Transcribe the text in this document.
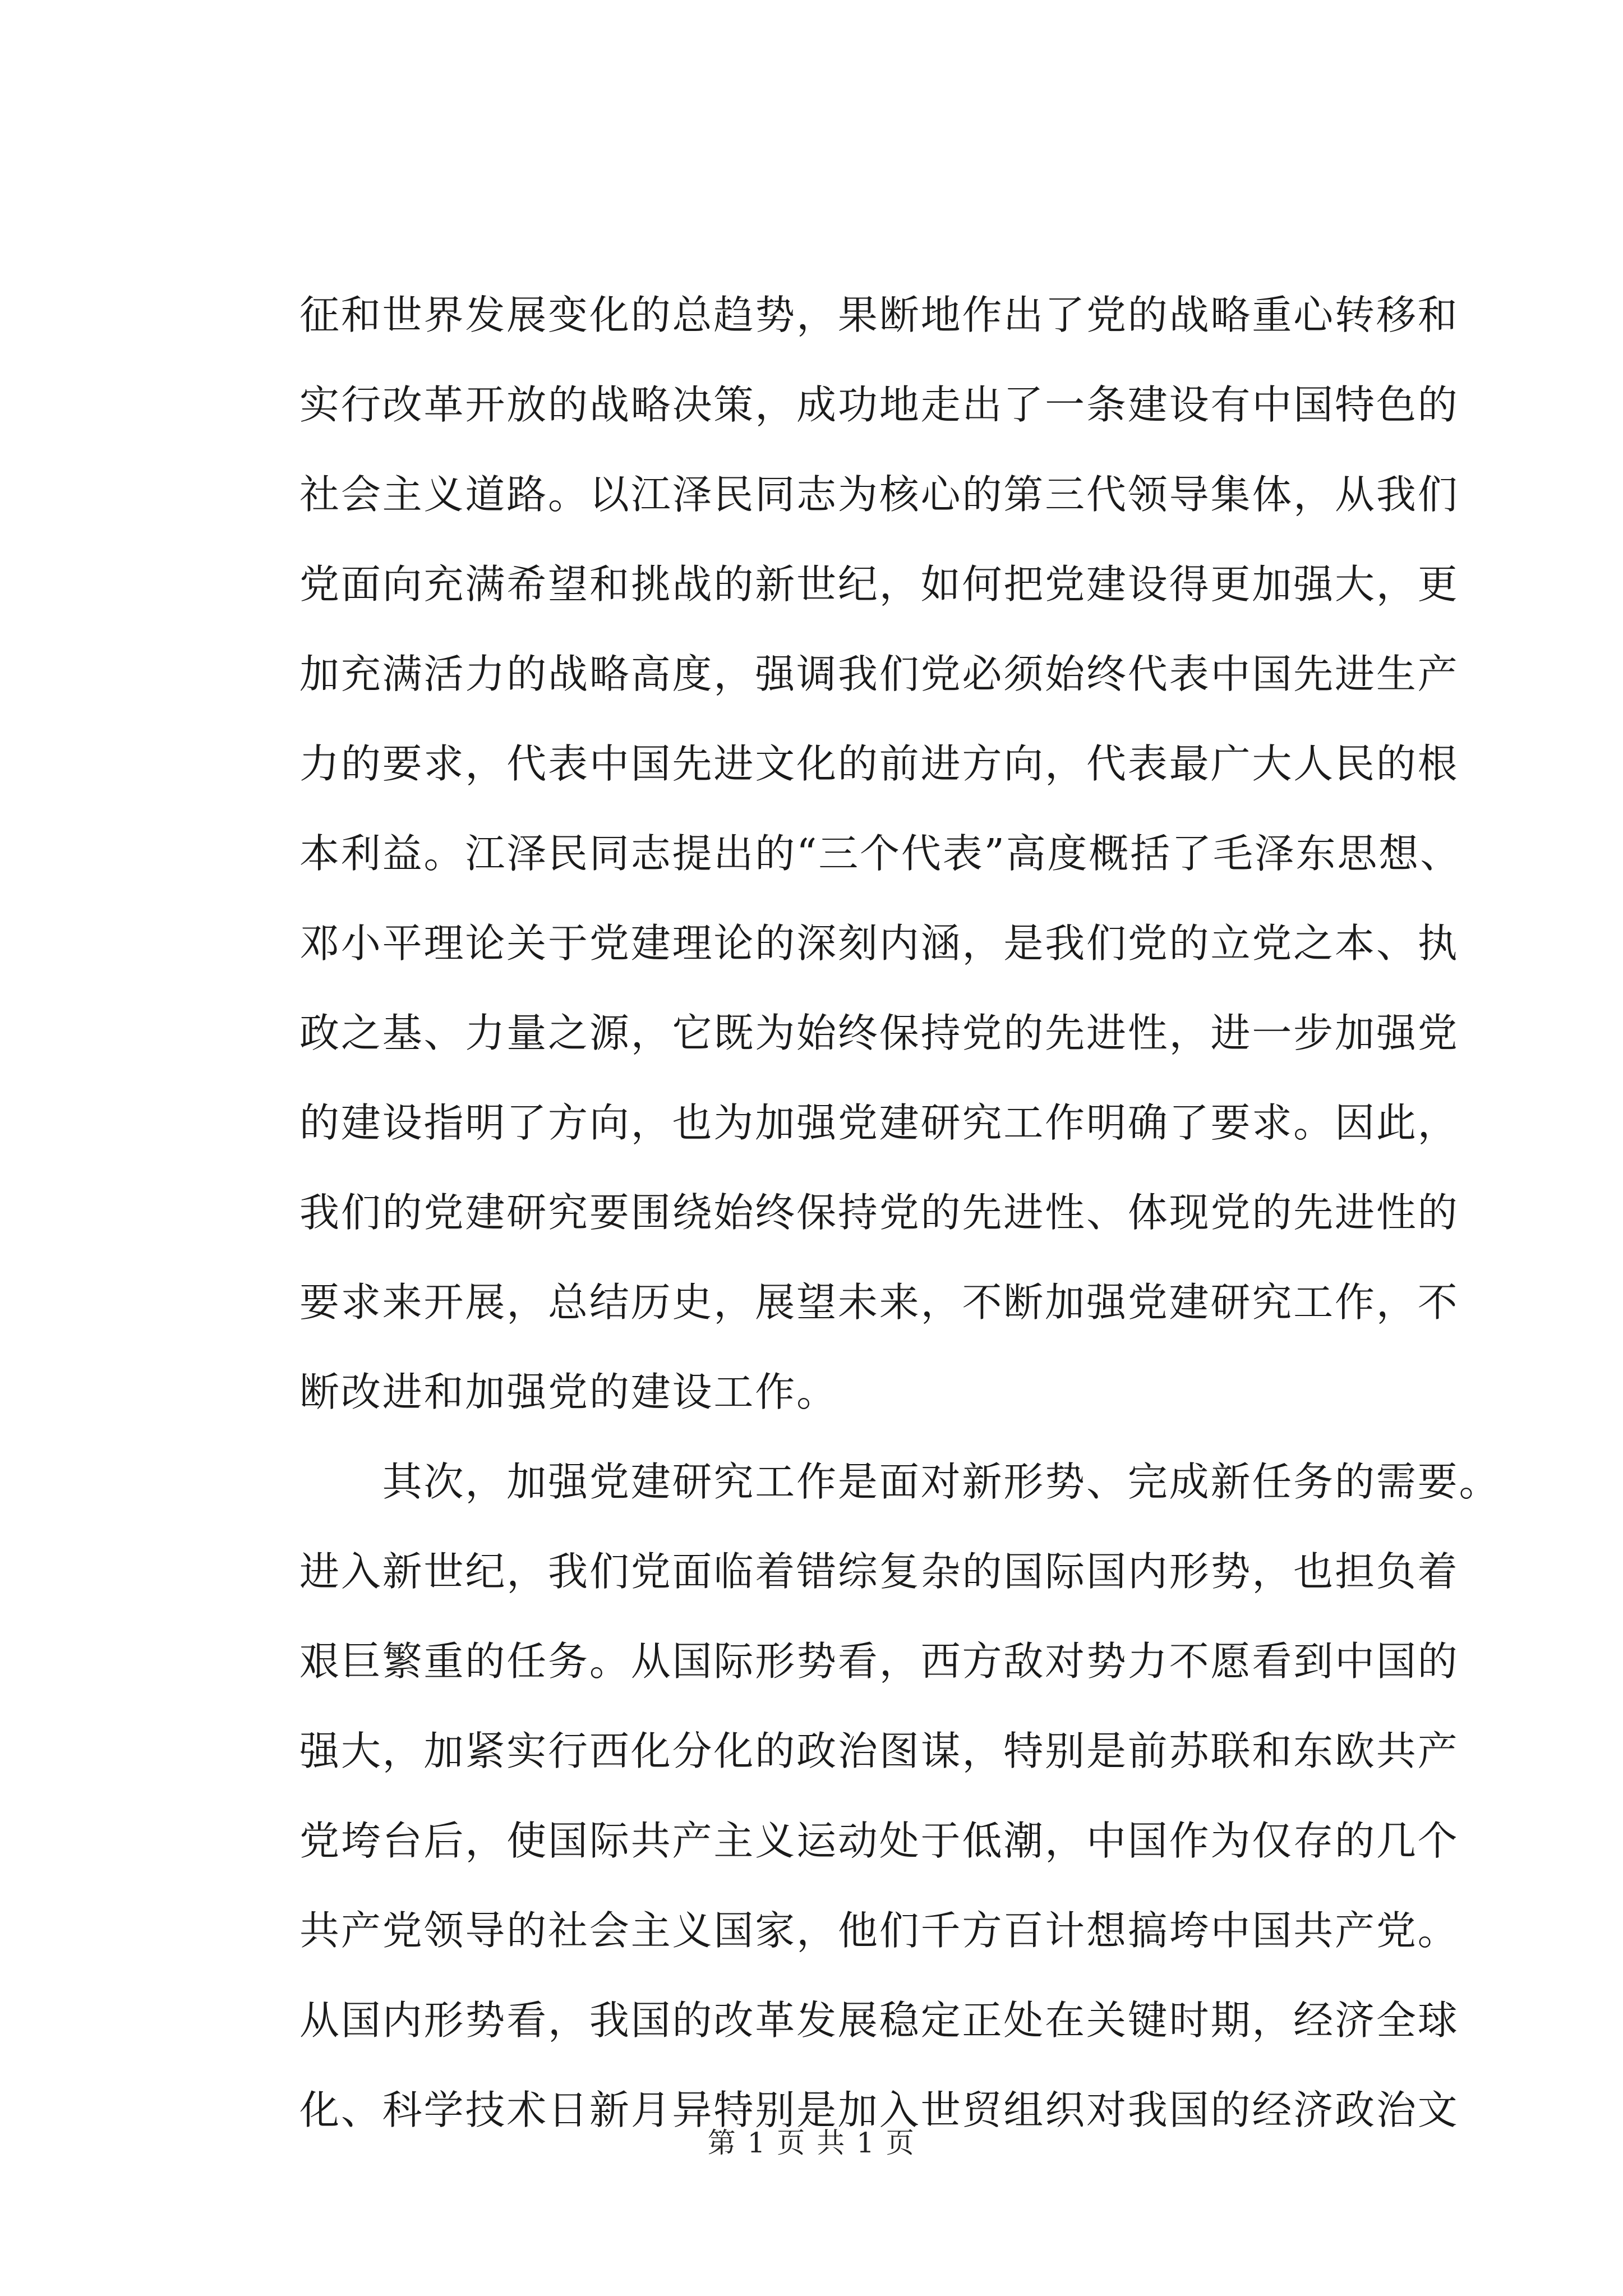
征和世界发展变化的总趋势，果断地作出了党的战略重心转移和
实行改革开放的战略决策，成功地走出了一条建设有中国特色的
社会主义道路。以江泽民同志为核心的第三代领导集体，从我们
党面向充满希望和挑战的新世纪，如何把党建设得更加强大，更
加充满活力的战略高度，强调我们党必须始终代表中国先进生产
力的要求，代表中国先进文化的前进方向，代表最广大人民的根
本利益。江泽民同志提出的“三个代表”高度概括了毛泽东思想、
邓小平理论关于党建理论的深刻内涵，是我们党的立党之本、执
政之基、力量之源，它既为始终保持党的先进性，进一步加强党
的建设指明了方向，也为加强党建研究工作明确了要求。因此，
我们的党建研究要围绕始终保持党的先进性、体现党的先进性的
要求来开展，总结历史，展望未来，不断加强党建研究工作，不
断改进和加强党的建设工作。
　　其次，加强党建研究工作是面对新形势、完成新任务的需要。
进入新世纪，我们党面临着错综复杂的国际国内形势，也担负着
艰巨繁重的任务。从国际形势看，西方敌对势力不愿看到中国的
强大，加紧实行西化分化的政治图谋，特别是前苏联和东欧共产
党垮台后，使国际共产主义运动处于低潮，中国作为仅存的几个
共产党领导的社会主义国家，他们千方百计想搞垮中国共产党。
从国内形势看，我国的改革发展稳定正处在关键时期，经济全球
化、科学技术日新月异特别是加入世贸组织对我国的经济政治文
第 1 页 共 1 页
